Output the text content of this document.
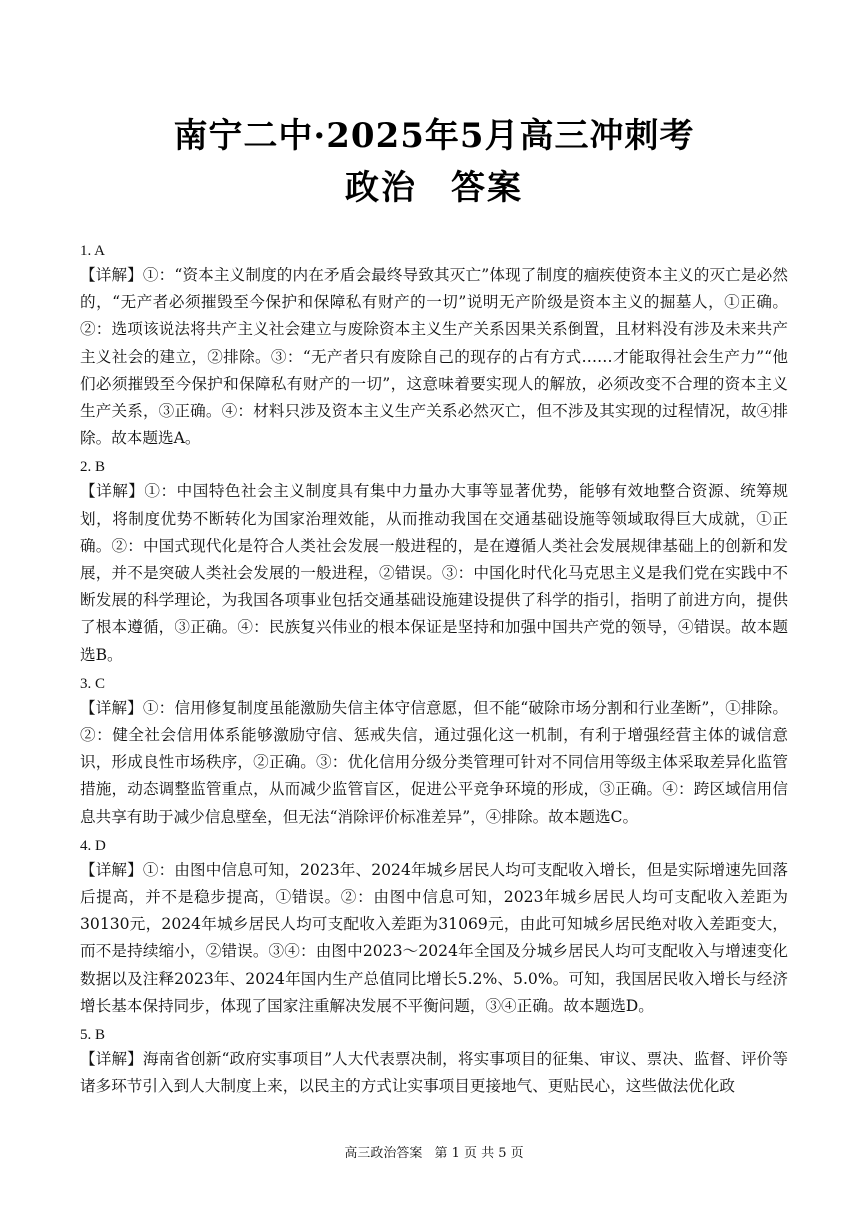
南宁二中·2025年5月高三冲刺考
政治 答案
1. A

【详解】①：“资本主义制度的内在矛盾会最终导致其灭亡”体现了制度的痼疾使资本主义的灭亡是必然的，“无产者必须摧毁至今保护和保障私有财产的一切”说明无产阶级是资本主义的掘墓人，①正确。②：选项该说法将共产主义社会建立与废除资本主义生产关系因果关系倒置，且材料没有涉及未来共产主义社会的建立，②排除。③：“无产者只有废除自己的现存的占有方式……才能取得社会生产力”“他们必须摧毁至今保护和保障私有财产的一切”，这意味着要实现人的解放，必须改变不合理的资本主义生产关系，③正确。④：材料只涉及资本主义生产关系必然灭亡，但不涉及其实现的过程情况，故④排除。故本题选A。

2. B

【详解】①：中国特色社会主义制度具有集中力量办大事等显著优势，能够有效地整合资源、统筹规划，将制度优势不断转化为国家治理效能，从而推动我国在交通基础设施等领域取得巨大成就，①正确。②：中国式现代化是符合人类社会发展一般进程的，是在遵循人类社会发展规律基础上的创新和发展，并不是突破人类社会发展的一般进程，②错误。③：中国化时代化马克思主义是我们党在实践中不断发展的科学理论，为我国各项事业包括交通基础设施建设提供了科学的指引，指明了前进方向，提供了根本遵循，③正确。④：民族复兴伟业的根本保证是坚持和加强中国共产党的领导，④错误。故本题选B。

3. C

【详解】①：信用修复制度虽能激励失信主体守信意愿，但不能“破除市场分割和行业垄断”，①排除。②：健全社会信用体系能够激励守信、惩戒失信，通过强化这一机制，有利于增强经营主体的诚信意识，形成良性市场秩序，②正确。③：优化信用分级分类管理可针对不同信用等级主体采取差异化监管措施，动态调整监管重点，从而减少监管盲区，促进公平竞争环境的形成，③正确。④：跨区域信用信息共享有助于减少信息壁垒，但无法“消除评价标准差异”，④排除。故本题选C。

4. D

【详解】①：由图中信息可知，2023年、2024年城乡居民人均可支配收入增长，但是实际增速先回落后提高，并不是稳步提高，①错误。②：由图中信息可知，2023年城乡居民人均可支配收入差距为30130元，2024年城乡居民人均可支配收入差距为31069元，由此可知城乡居民绝对收入差距变大，而不是持续缩小，②错误。③④：由图中2023～2024年全国及分城乡居民人均可支配收入与增速变化数据以及注释2023年、2024年国内生产总值同比增长5.2%、5.0%。可知，我国居民收入增长与经济增长基本保持同步，体现了国家注重解决发展不平衡问题，③④正确。故本题选D。

5. B

【详解】海南省创新“政府实事项目”人大代表票决制，将实事项目的征集、审议、票决、监督、评价等诸多环节引入到人大制度上来，以民主的方式让实事项目更接地气、更贴民心，这些做法优化政

高三政治答案 第 1 页 共 5 页
